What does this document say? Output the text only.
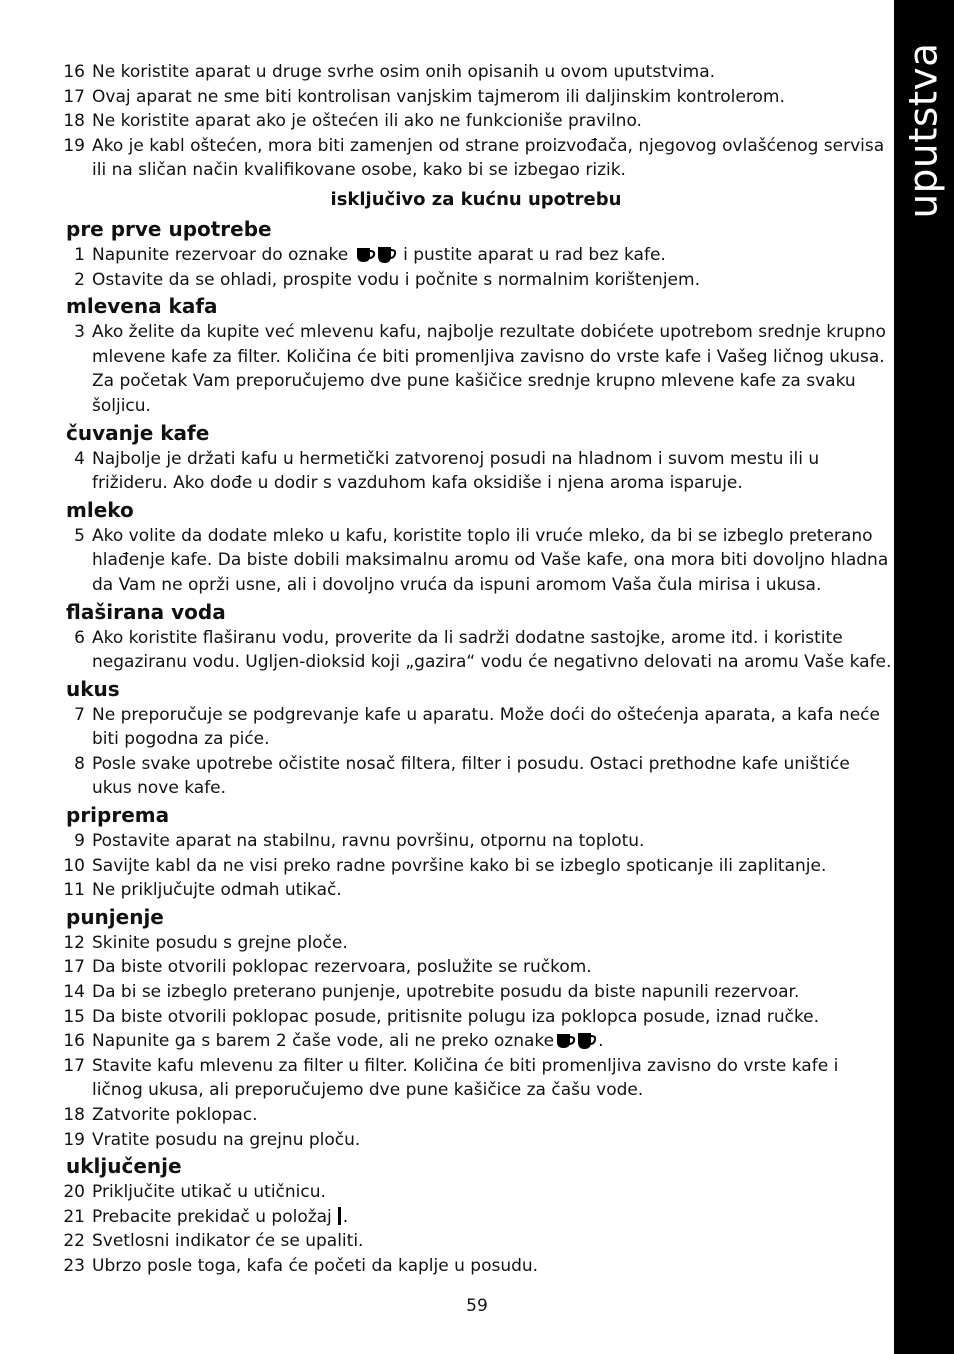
uputstva
16 Ne koristite aparat u druge svrhe osim onih opisanih u ovom uputstvima.
17 Ovaj aparat ne sme biti kontrolisan vanjskim tajmerom ili daljinskim kontrolerom.
18 Ne koristite aparat ako je oštećen ili ako ne funkcioniše pravilno.
19 Ako je kabl oštećen, mora biti zamenjen od strane proizvođača, njegovog ovlašćenog servisa ili na sličan način kvalifikovane osobe, kako bi se izbegao rizik.
isključivo za kućnu upotrebu
pre prve upotrebe
1 Napunite rezervoar do oznake	i pustite aparat u rad bez kafe.
2 Ostavite da se ohladi, prospite vodu i počnite s normalnim korištenjem.
mlevena kafa
3 Ako želite da kupite već mlevenu kafu, najbolje rezultate dobićete upotrebom srednje krupno mlevene kafe za filter. Količina će biti promenljiva zavisno do vrste kafe i Vašeg ličnog ukusa. Za početak Vam preporučujemo dve pune kašičice srednje krupno mlevene kafe za svaku šoljicu.
čuvanje kafe
4 Najbolje je držati kafu u hermetički zatvorenoj posudi na hladnom i suvom mestu ili u frižideru. Ako dođe u dodir s vazduhom kafa oksidiše i njena aroma isparuje.
mleko
5 Ako volite da dodate mleko u kafu, koristite toplo ili vruće mleko, da bi se izbeglo preterano hlađenje kafe. Da biste dobili maksimalnu aromu od Vaše kafe, ona mora biti dovoljno hladna da Vam ne oprži usne, ali i dovoljno vruća da ispuni aromom Vaša čula mirisa i ukusa.
flaširana voda
6 Ako koristite flaširanu vodu, proverite da li sadrži dodatne sastojke, arome itd. i koristite negaziranu vodu. Ugljen-dioksid koji „gazira“ vodu će negativno delovati na aromu Vaše kafe.
ukus
7 Ne preporučuje se podgrevanje kafe u aparatu. Može doći do oštećenja aparata, a kafa neće biti pogodna za piće.
8 Posle svake upotrebe očistite nosač filtera, filter i posudu. Ostaci prethodne kafe uništiće ukus nove kafe.
priprema
9 Postavite aparat na stabilnu, ravnu površinu, otpornu na toplotu.
10 Savijte kabl da ne visi preko radne površine kako bi se izbeglo spoticanje ili zaplitanje.
11 Ne priključujte odmah utikač.
punjenje
12 Skinite posudu s grejne ploče.
17 Da biste otvorili poklopac rezervoara, poslužite se ručkom.
14 Da bi se izbeglo preterano punjenje, upotrebite posudu da biste napunili rezervoar.
15 Da biste otvorili poklopac posude, pritisnite polugu iza poklopca posude, iznad ručke.
16 Napunite ga s barem 2 čaše vode, ali ne preko oznake	.
17 Stavite kafu mlevenu za filter u filter. Količina će biti promenljiva zavisno do vrste kafe i ličnog ukusa, ali preporučujemo dve pune kašičice za čašu vode.
18 Zatvorite poklopac.
19 Vratite posudu na grejnu ploču.
uključenje
20 Priključite utikač u utičnicu.
21 Prebacite prekidač u položaj .
22 Svetlosni indikator će se upaliti.
23 Ubrzo posle toga, kafa će početi da kaplje u posudu.
59
